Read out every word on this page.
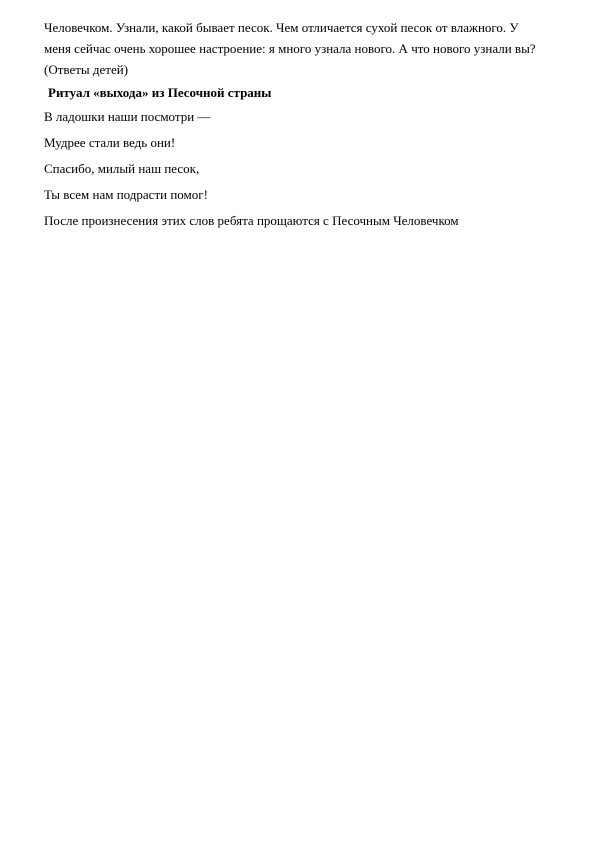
Человечком. Узнали, какой бывает песок. Чем отличается сухой песок от влажного. У
меня сейчас очень хорошее настроение: я много узнала нового. А что нового узнали вы?
(Ответы детей)
Ритуал «выхода» из Песочной страны
В ладошки наши посмотри —
Мудрее стали ведь они!
Спасибо, милый наш песок,
Ты всем нам подрасти помог!
После произнесения этих слов ребята прощаются с Песочным Человечком
